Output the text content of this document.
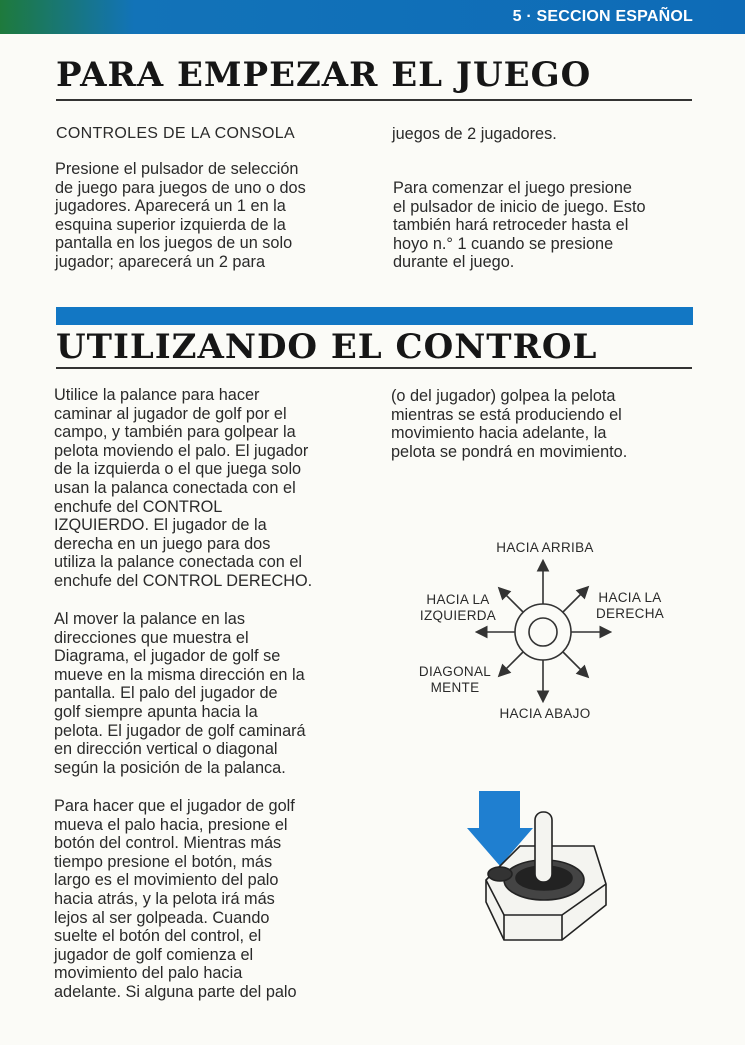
5 · SECCION ESPAÑOL
PARA EMPEZAR EL JUEGO
CONTROLES DE LA CONSOLA

Presione el pulsador de selección
de juego para juegos de uno o dos
jugadores. Aparecerá un 1 en la
esquina superior izquierda de la
pantalla en los juegos de un solo
jugador; aparecerá un 2 para

juegos de 2 jugadores.

Para comenzar el juego presione
el pulsador de inicio de juego. Esto
también hará retroceder hasta el
hoyo n.° 1 cuando se presione
durante el juego.

UTILIZANDO EL CONTROL

Utilice la palance para hacer
caminar al jugador de golf por el
campo, y también para golpear la
pelota moviendo el palo. El jugador
de la izquierda o el que juega solo
usan la palanca conectada con el
enchufe del CONTROL
IZQUIERDO. El jugador de la
derecha en un juego para dos
utiliza la palance conectada con el
enchufe del CONTROL DERECHO.

Al mover la palance en las
direcciones que muestra el
Diagrama, el jugador de golf se
mueve en la misma dirección en la
pantalla. El palo del jugador de
golf siempre apunta hacia la
pelota. El jugador de golf caminará
en dirección vertical o diagonal
según la posición de la palanca.

Para hacer que el jugador de golf
mueva el palo hacia, presione el
botón del control. Mientras más
tiempo presione el botón, más
largo es el movimiento del palo
hacia atrás, y la pelota irá más
lejos al ser golpeada. Cuando
suelte el botón del control, el
jugador de golf comienza el
movimiento del palo hacia
adelante. Si alguna parte del palo

(o del jugador) golpea la pelota
mientras se está produciendo el
movimiento hacia adelante, la
pelota se pondrá en movimiento.

HACIA ARRIBA
HACIA LA
IZQUIERDA
HACIA LA
DERECHA
DIAGONAL
MENTE
HACIA ABAJO
